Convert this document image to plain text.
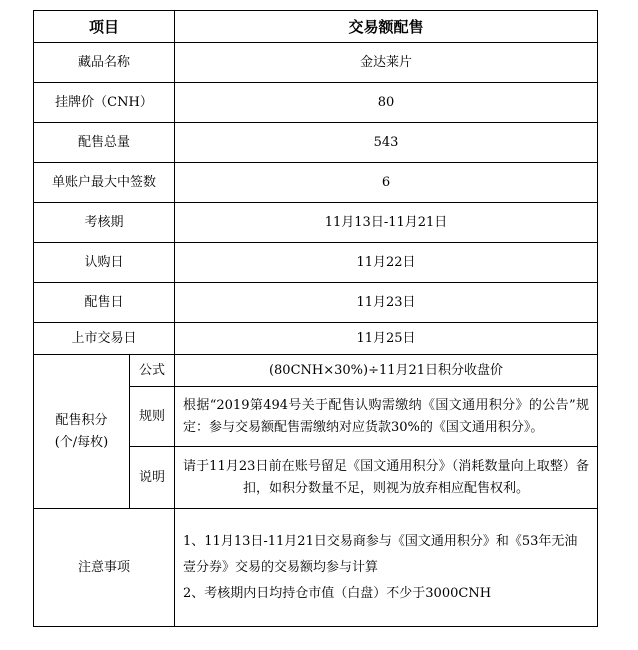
项目		交易额配售
藏品名称		金达莱片
挂牌价（CNH）		80
配售总量		543
单账户最大中签数		6
考核期		11月13日-11月21日
认购日		11月22日
配售日		11月23日
上市交易日		11月25日

配售积分
(个/每枚)	公式	(80CNH×30%)÷11月21日积分收盘价
	规则	根据“2019第494号关于配售认购需缴纳《国文通用积分》的公告”规定：参与交易额配售需缴纳对应货款30%的《国文通用积分》。
	说明	请于11月23日前在账号留足《国文通用积分》（消耗数量向上取整）备扣，如积分数量不足，则视为放弃相应配售权利。
注意事项		1、11月13日-11月21日交易商参与《国文通用积分》和《53年无油壹分券》交易的交易额均参与计算
2、考核期内日均持仓市值（白盘）不少于3000CNH
